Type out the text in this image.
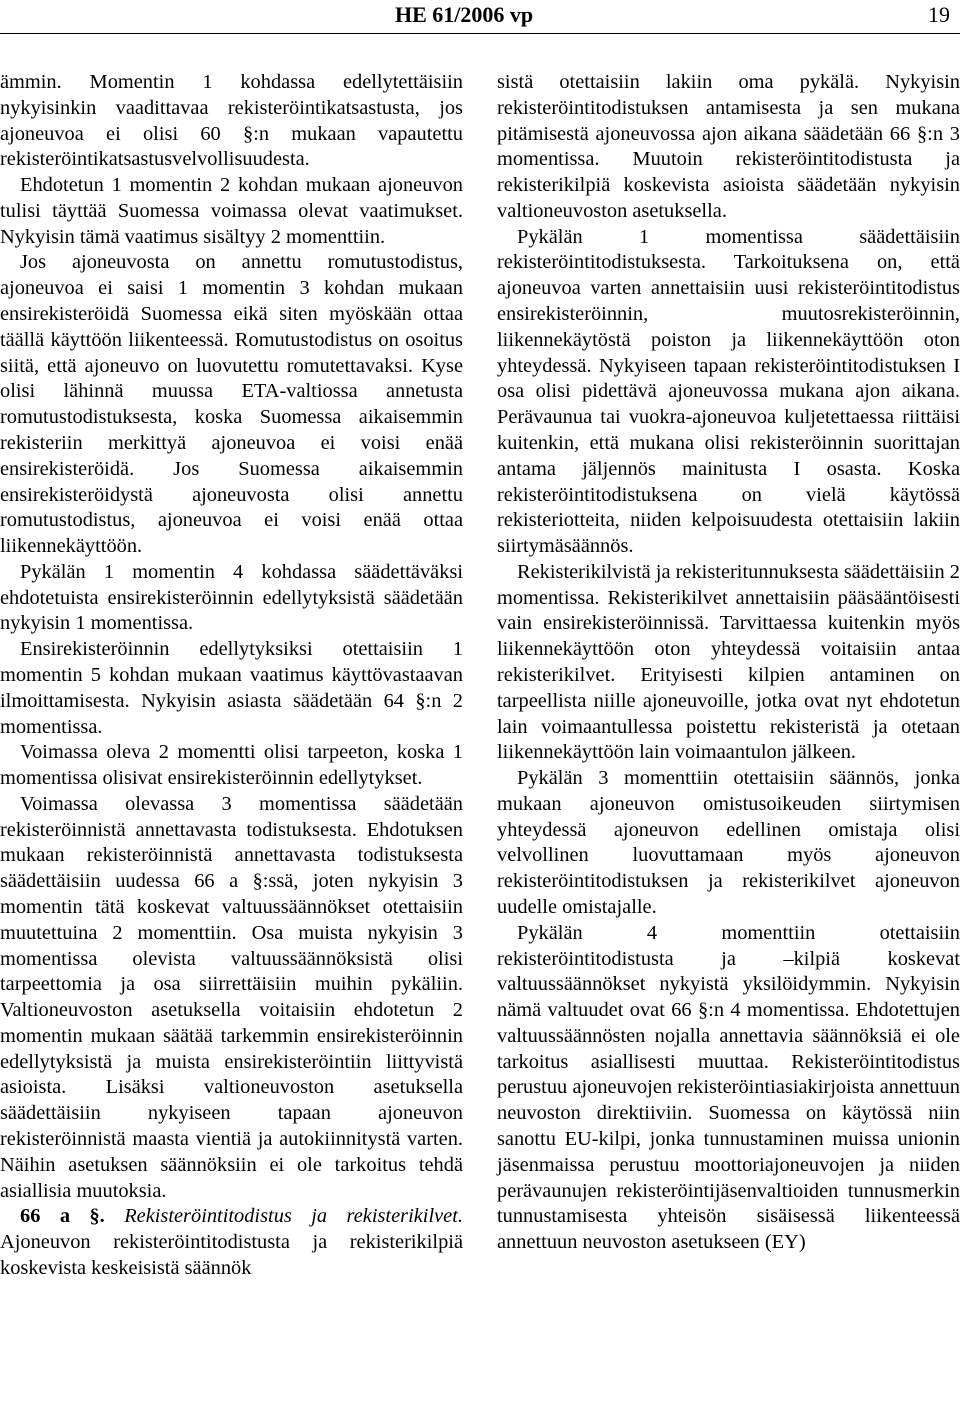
HE 61/2006 vp	19

ämmin. Momentin 1 kohdassa edellytettäisiin nykyisinkin vaadittavaa rekisteröintikatsastusta, jos ajoneuvoa ei olisi 60 §:n mukaan vapautettu rekisteröintikatsastusvelvollisuudesta.

Ehdotetun 1 momentin 2 kohdan mukaan ajoneuvon tulisi täyttää Suomessa voimassa olevat vaatimukset. Nykyisin tämä vaatimus sisältyy 2 momenttiin.

Jos ajoneuvosta on annettu romutustodistus, ajoneuvoa ei saisi 1 momentin 3 kohdan mukaan ensirekisteröidä Suomessa eikä siten myöskään ottaa täällä käyttöön liikenteessä. Romutustodistus on osoitus siitä, että ajoneuvo on luovutettu romutettavaksi. Kyse olisi lähinnä muussa ETA-valtiossa annetusta romutustodistuksesta, koska Suomessa aikaisemmin rekisteriin merkittyä ajoneuvoa ei voisi enää ensirekisteröidä. Jos Suomessa aikaisemmin ensirekisteröidystä ajoneuvosta olisi annettu romutustodistus, ajoneuvoa ei voisi enää ottaa liikennekäyttöön.

Pykälän 1 momentin 4 kohdassa säädettäväksi ehdotetuista ensirekisteröinnin edellytyksistä säädetään nykyisin 1 momentissa.

Ensirekisteröinnin edellytyksiksi otettaisiin 1 momentin 5 kohdan mukaan vaatimus käyttövastaavan ilmoittamisesta. Nykyisin asiasta säädetään 64 §:n 2 momentissa.

Voimassa oleva 2 momentti olisi tarpeeton, koska 1 momentissa olisivat ensirekisteröinnin edellytykset.

Voimassa olevassa 3 momentissa säädetään rekisteröinnistä annettavasta todistuksesta. Ehdotuksen mukaan rekisteröinnistä annettavasta todistuksesta säädettäisiin uudessa 66 a §:ssä, joten nykyisin 3 momentin tätä koskevat valtuussäännökset otettaisiin muutettuina 2 momenttiin. Osa muista nykyisin 3 momentissa olevista valtuussäännöksistä olisi tarpeettomia ja osa siirrettäisiin muihin pykäliin. Valtioneuvoston asetuksella voitaisiin ehdotetun 2 momentin mukaan säätää tarkemmin ensirekisteröinnin edellytyksistä ja muista ensirekisteröintiin liittyvistä asioista. Lisäksi valtioneuvoston asetuksella säädettäisiin nykyiseen tapaan ajoneuvon rekisteröinnistä maasta vientiä ja autokiinnitystä varten. Näihin asetuksen säännöksiin ei ole tarkoitus tehdä asiallisia muutoksia.

66 a §. Rekisteröintitodistus ja rekisterikilvet. Ajoneuvon rekisteröintitodistusta ja rekisterikilpiä koskevista keskeisistä säännök

sistä otettaisiin lakiin oma pykälä. Nykyisin rekisteröintitodistuksen antamisesta ja sen mukana pitämisestä ajoneuvossa ajon aikana säädetään 66 §:n 3 momentissa. Muutoin rekisteröintitodistusta ja rekisterikilpiä koskevista asioista säädetään nykyisin valtioneuvoston asetuksella.

Pykälän 1 momentissa säädettäisiin rekisteröintitodistuksesta. Tarkoituksena on, että ajoneuvoa varten annettaisiin uusi rekisteröintitodistus ensirekisteröinnin, muutosrekisteröinnin, liikennekäytöstä poiston ja liikennekäyttöön oton yhteydessä. Nykyiseen tapaan rekisteröintitodistuksen I osa olisi pidettävä ajoneuvossa mukana ajon aikana. Perävaunua tai vuokra-ajoneuvoa kuljetettaessa riittäisi kuitenkin, että mukana olisi rekisteröinnin suorittajan antama jäljennös mainitusta I osasta. Koska rekisteröintitodistuksena on vielä käytössä rekisteriotteita, niiden kelpoisuudesta otettaisiin lakiin siirtymäsäännös.

Rekisterikilvistä ja rekisteritunnuksesta säädettäisiin 2 momentissa. Rekisterikilvet annettaisiin pääsääntöisesti vain ensirekisteröinnissä. Tarvittaessa kuitenkin myös liikennekäyttöön oton yhteydessä voitaisiin antaa rekisterikilvet. Erityisesti kilpien antaminen on tarpeellista niille ajoneuvoille, jotka ovat nyt ehdotetun lain voimaantullessa poistettu rekisteristä ja otetaan liikennekäyttöön lain voimaantulon jälkeen.

Pykälän 3 momenttiin otettaisiin säännös, jonka mukaan ajoneuvon omistusoikeuden siirtymisen yhteydessä ajoneuvon edellinen omistaja olisi velvollinen luovuttamaan myös ajoneuvon rekisteröintitodistuksen ja rekisterikilvet ajoneuvon uudelle omistajalle.

Pykälän 4 momenttiin otettaisiin rekisteröintitodistusta ja –kilpiä koskevat valtuussäännökset nykyistä yksilöidymmin. Nykyisin nämä valtuudet ovat 66 §:n 4 momentissa. Ehdotettujen valtuussäännösten nojalla annettavia säännöksiä ei ole tarkoitus asiallisesti muuttaa. Rekisteröintitodistus perustuu ajoneuvojen rekisteröintiasiakirjoista annettuun neuvoston direktiiviin. Suomessa on käytössä niin sanottu EU-kilpi, jonka tunnustaminen muissa unionin jäsenmaissa perustuu moottoriajoneuvojen ja niiden perävaunujen rekisteröintijäsenvaltioiden tunnusmerkin tunnustamisesta yhteisön sisäisessä liikenteessä annettuun neuvoston asetukseen (EY)
